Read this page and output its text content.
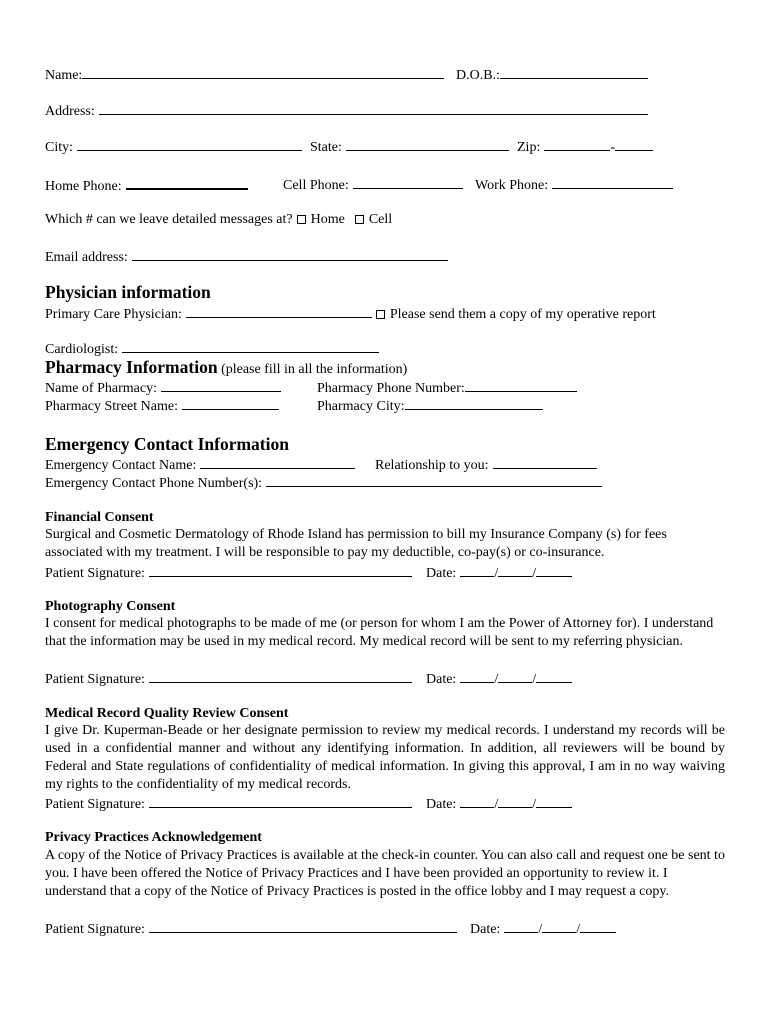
Name:	D.O.B.:
Address:
City:	State:	Zip:	-
Home Phone:	Cell Phone:	Work Phone:
Which # can we leave detailed messages at? Home Cell
Email address:
Physician information
Primary Care Physician:	Please send them a copy of my operative report
Cardiologist:
Pharmacy Information (please fill in all the information)
Name of Pharmacy:	Pharmacy Phone Number:
Pharmacy Street Name:	Pharmacy City:
Emergency Contact Information
Emergency Contact Name:	Relationship to you:
Emergency Contact Phone Number(s):
Financial Consent
Surgical and Cosmetic Dermatology of Rhode Island has permission to bill my Insurance Company (s) for fees associated with my treatment. I will be responsible to pay my deductible, co-pay(s) or co-insurance.
Patient Signature:	Date:	/ /
Photography Consent
I consent for medical photographs to be made of me (or person for whom I am the Power of Attorney for). I understand that the information may be used in my medical record. My medical record will be sent to my referring physician.
Patient Signature:	Date:	/ /
Medical Record Quality Review Consent
I give Dr. Kuperman-Beade or her designate permission to review my medical records. I understand my records will be used in a confidential manner and without any identifying information. In addition, all reviewers will be bound by Federal and State regulations of confidentiality of medical information. In giving this approval, I am in no way waiving my rights to the confidentiality of my medical records.
Patient Signature:	Date:	/ /
Privacy Practices Acknowledgement
A copy of the Notice of Privacy Practices is available at the check-in counter. You can also call and request one be sent to you. I have been offered the Notice of Privacy Practices and I have been provided an opportunity to review it. I understand that a copy of the Notice of Privacy Practices is posted in the office lobby and I may request a copy.
Patient Signature:	Date:	/ /
